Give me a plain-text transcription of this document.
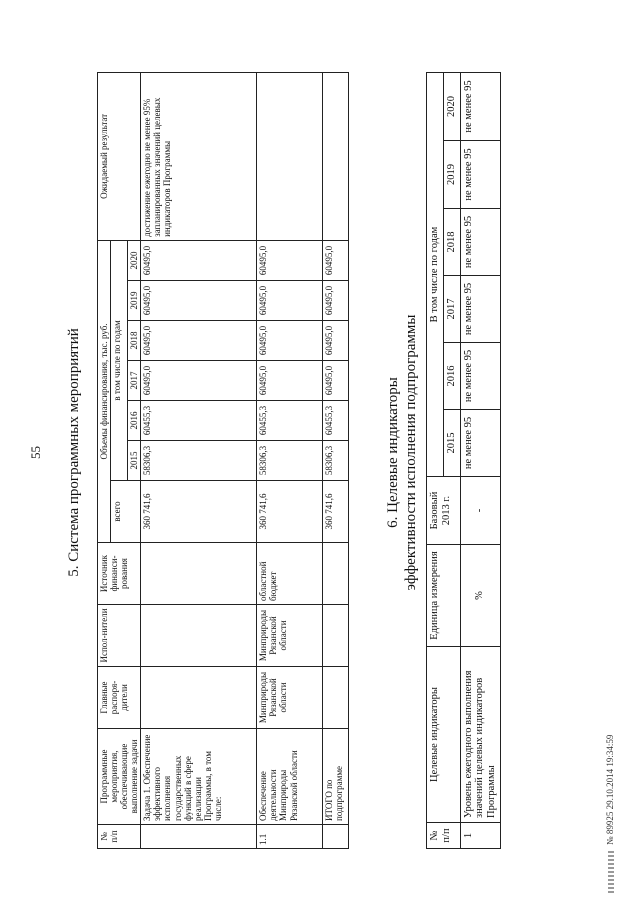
55 5. Система программных мероприятий
№ п/п	Программные мероприятия, обеспечивающие выполнение задачи	Главные распоря-дители	Испол-нители	Источник финанси-рования	Объемы финансирования, тыс. руб.							Ожидаемый результат
					всего	в том числе по годам						
						2015	2016	2017	2018	2019	2020	
	Задача 1. Обеспечение эффективного исполнения государственных функций в сфере реализации Программы, в том числе:				360 741,6	58306,3	60455,3	60495,0	60495,0	60495,0	60495,0	достижение ежегодно не менее 95% запланированных значений целевых индикаторов Программы
1.1	Обеспечение деятельности Минприроды Рязанской области	Минприроды Рязанской области	Минприроды Рязанской области	областной бюджет	360 741,6	58306,3	60455,3	60495,0	60495,0	60495,0	60495,0	
	ИТОГО по подпрограмме				360 741,6	58306,3	60455,3	60495,0	60495,0	60495,0	60495,0	
6. Целевые индикаторы эффективности исполнения подпрограммы
№ п/п	Целевые индикаторы	Единица измерения	Базовый 2013 г.	В том числе по годам					
				2015	2016	2017	2018	2019	2020
1	Уровень ежегодного выполнения значений целевых индикаторов Программы	%	-	не менее 95	не менее 95	не менее 95	не менее 95	не менее 95	не менее 95
№ 89925 29.10.2014 19:34:59
